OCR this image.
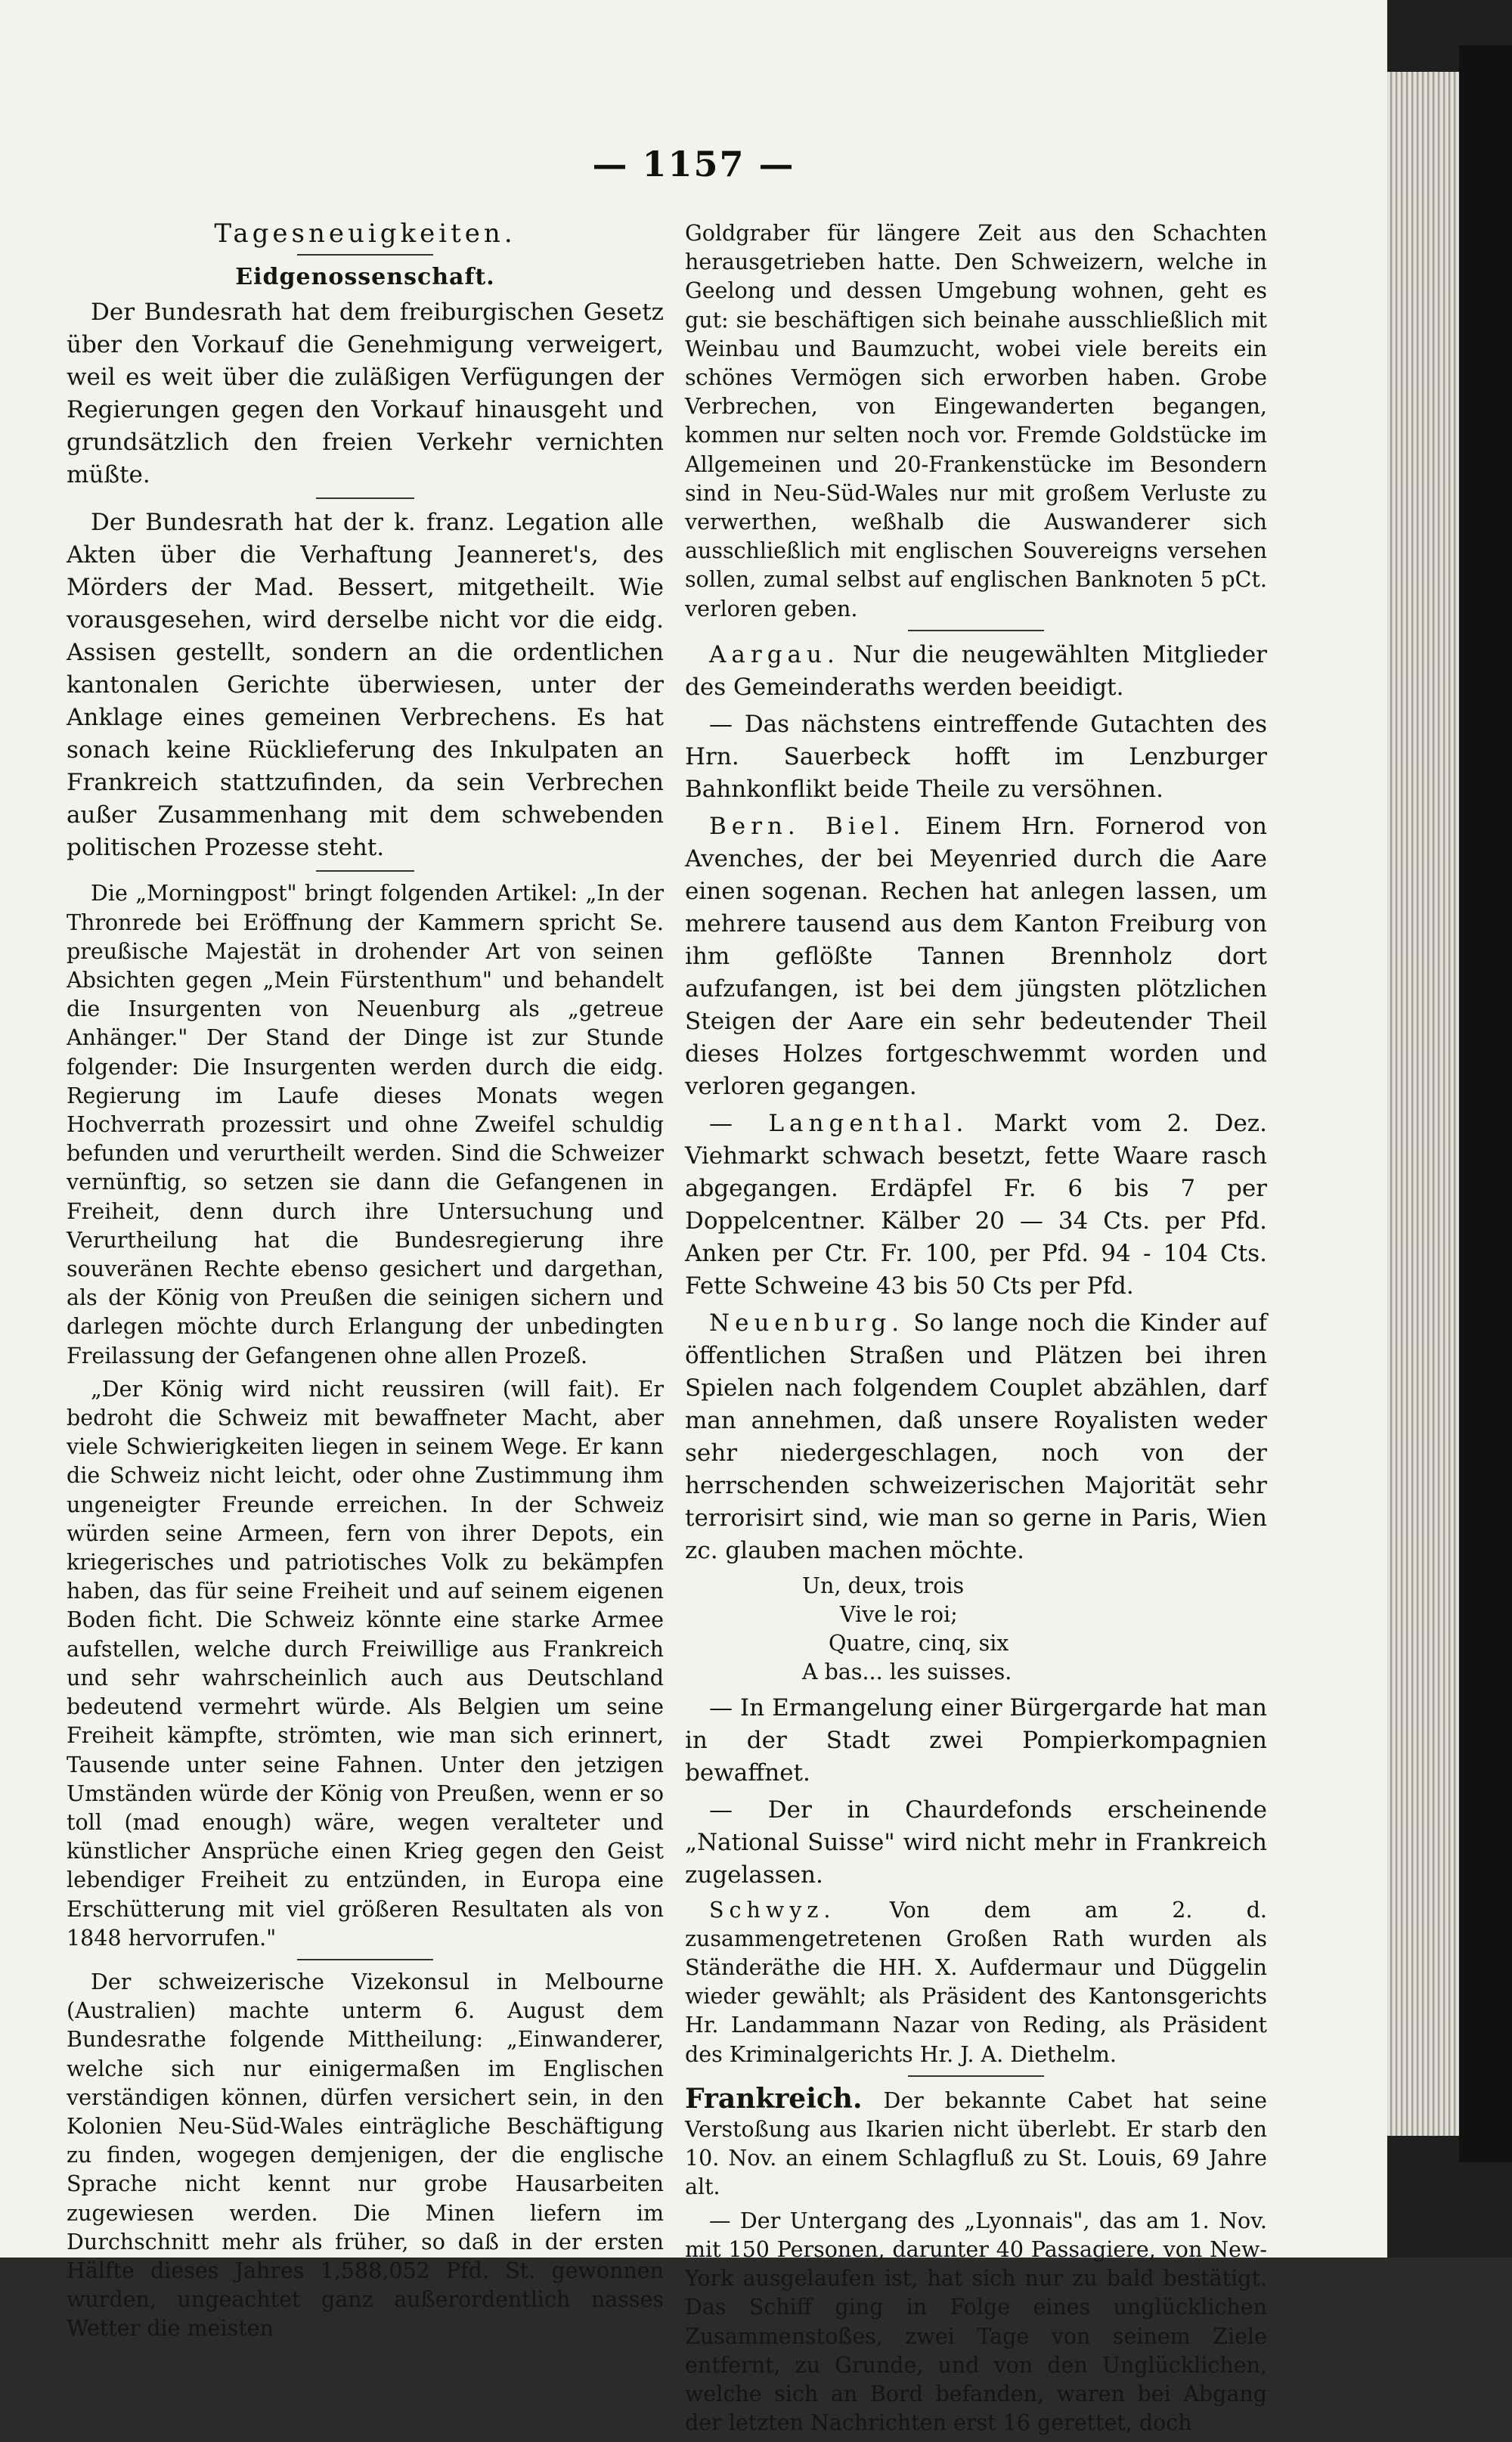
— 1157 —
Tagesneuigkeiten.
Eidgenossenschaft.

Der Bundesrath hat dem freiburgischen Gesetz über den Vorkauf die Genehmigung verweigert, weil es weit über die zuläßigen Verfügungen der Regierungen gegen den Vorkauf hinausgeht und grundsätzlich den freien Verkehr vernichten müßte.

Der Bundesrath hat der k. franz. Legation alle Akten über die Verhaftung Jeanneret's, des Mörders der Mad. Bessert, mitgetheilt. Wie vorausgesehen, wird derselbe nicht vor die eidg. Assisen gestellt, sondern an die ordentlichen kantonalen Gerichte überwiesen, unter der Anklage eines gemeinen Verbrechens. Es hat sonach keine Rücklieferung des Inkulpaten an Frankreich stattzufinden, da sein Verbrechen außer Zusammenhang mit dem schwebenden politischen Prozesse steht.

Die „Morningpost" bringt folgenden Artikel: „In der Thronrede bei Eröffnung der Kammern spricht Se. preußische Majestät in drohender Art von seinen Absichten gegen „Mein Fürstenthum" und behandelt die Insurgenten von Neuenburg als „getreue Anhänger." Der Stand der Dinge ist zur Stunde folgender: Die Insurgenten werden durch die eidg. Regierung im Laufe dieses Monats wegen Hochverrath prozessirt und ohne Zweifel schuldig befunden und verurtheilt werden. Sind die Schweizer vernünftig, so setzen sie dann die Gefangenen in Freiheit, denn durch ihre Untersuchung und Verurtheilung hat die Bundesregierung ihre souveränen Rechte ebenso gesichert und dargethan, als der König von Preußen die seinigen sichern und darlegen möchte durch Erlangung der unbedingten Freilassung der Gefangenen ohne allen Prozeß.

„Der König wird nicht reussiren (will fait). Er bedroht die Schweiz mit bewaffneter Macht, aber viele Schwierigkeiten liegen in seinem Wege. Er kann die Schweiz nicht leicht, oder ohne Zustimmung ihm ungeneigter Freunde erreichen. In der Schweiz würden seine Armeen, fern von ihrer Depots, ein kriegerisches und patriotisches Volk zu bekämpfen haben, das für seine Freiheit und auf seinem eigenen Boden ficht. Die Schweiz könnte eine starke Armee aufstellen, welche durch Freiwillige aus Frankreich und sehr wahrscheinlich auch aus Deutschland bedeutend vermehrt würde. Als Belgien um seine Freiheit kämpfte, strömten, wie man sich erinnert, Tausende unter seine Fahnen. Unter den jetzigen Umständen würde der König von Preußen, wenn er so toll (mad enough) wäre, wegen veralteter und künstlicher Ansprüche einen Krieg gegen den Geist lebendiger Freiheit zu entzünden, in Europa eine Erschütterung mit viel größeren Resultaten als von 1848 hervorrufen."

Der schweizerische Vizekonsul in Melbourne (Australien) machte unterm 6. August dem Bundesrathe folgende Mittheilung: „Einwanderer, welche sich nur einigermaßen im Englischen verständigen können, dürfen versichert sein, in den Kolonien Neu-Süd-Wales einträgliche Beschäftigung zu finden, wogegen demjenigen, der die englische Sprache nicht kennt nur grobe Hausarbeiten zugewiesen werden. Die Minen liefern im Durchschnitt mehr als früher, so daß in der ersten Hälfte dieses Jahres 1,588,052 Pfd. St. gewonnen wurden, ungeachtet ganz außerordentlich nasses Wetter die meisten

Goldgraber für längere Zeit aus den Schachten herausgetrieben hatte. Den Schweizern, welche in Geelong und dessen Umgebung wohnen, geht es gut: sie beschäftigen sich beinahe ausschließlich mit Weinbau und Baumzucht, wobei viele bereits ein schönes Vermögen sich erworben haben. Grobe Verbrechen, von Eingewanderten begangen, kommen nur selten noch vor. Fremde Goldstücke im Allgemeinen und 20-Frankenstücke im Besondern sind in Neu-Süd-Wales nur mit großem Verluste zu verwerthen, weßhalb die Auswanderer sich ausschließlich mit englischen Souvereigns versehen sollen, zumal selbst auf englischen Banknoten 5 pCt. verloren geben.

Aargau. Nur die neugewählten Mitglieder des Gemeinderaths werden beeidigt.

— Das nächstens eintreffende Gutachten des Hrn. Sauerbeck hofft im Lenzburger Bahnkonflikt beide Theile zu versöhnen.

Bern. Biel. Einem Hrn. Fornerod von Avenches, der bei Meyenried durch die Aare einen sogenan. Rechen hat anlegen lassen, um mehrere tausend aus dem Kanton Freiburg von ihm geflößte Tannen Brennholz dort aufzufangen, ist bei dem jüngsten plötzlichen Steigen der Aare ein sehr bedeutender Theil dieses Holzes fortgeschwemmt worden und verloren gegangen.

— Langenthal. Markt vom 2. Dez. Viehmarkt schwach besetzt, fette Waare rasch abgegangen. Erdäpfel Fr. 6 bis 7 per Doppelcentner. Kälber 20 — 34 Cts. per Pfd. Anken per Ctr. Fr. 100, per Pfd. 94 - 104 Cts. Fette Schweine 43 bis 50 Cts per Pfd.

Neuenburg. So lange noch die Kinder auf öffentlichen Straßen und Plätzen bei ihren Spielen nach folgendem Couplet abzählen, darf man annehmen, daß unsere Royalisten weder sehr niedergeschlagen, noch von der herrschenden schweizerischen Majorität sehr terrorisirt sind, wie man so gerne in Paris, Wien zc. glauben machen möchte.

Un, deux, trois

Vive le roi;

Quatre, cinq, six

A bas... les suisses.

— In Ermangelung einer Bürgergarde hat man in der Stadt zwei Pompierkompagnien bewaffnet.

— Der in Chaurdefonds erscheinende „National Suisse" wird nicht mehr in Frankreich zugelassen.

Schwyz.	Von dem am 2. d. zusammengetretenen Großen Rath wurden als Ständeräthe die HH. X. Aufdermaur und Düggelin wieder gewählt; als Präsident des Kantonsgerichts Hr. Landammann Nazar von Reding, als Präsident des Kriminalgerichts Hr. J. A. Diethelm.

Frankreich. Der bekannte Cabet hat seine Verstoßung aus Ikarien nicht überlebt. Er starb den 10. Nov. an einem Schlagfluß zu St. Louis, 69 Jahre alt.

— Der Untergang des „Lyonnais", das am 1. Nov. mit 150 Personen, darunter 40 Passagiere, von New-York ausgelaufen ist, hat sich nur zu bald bestätigt. Das Schiff ging in Folge eines unglücklichen Zusammenstoßes, zwei Tage von seinem Ziele entfernt, zu Grunde, und von den Unglücklichen, welche sich an Bord befanden, waren bei Abgang der letzten Nachrichten erst 16 gerettet, doch
